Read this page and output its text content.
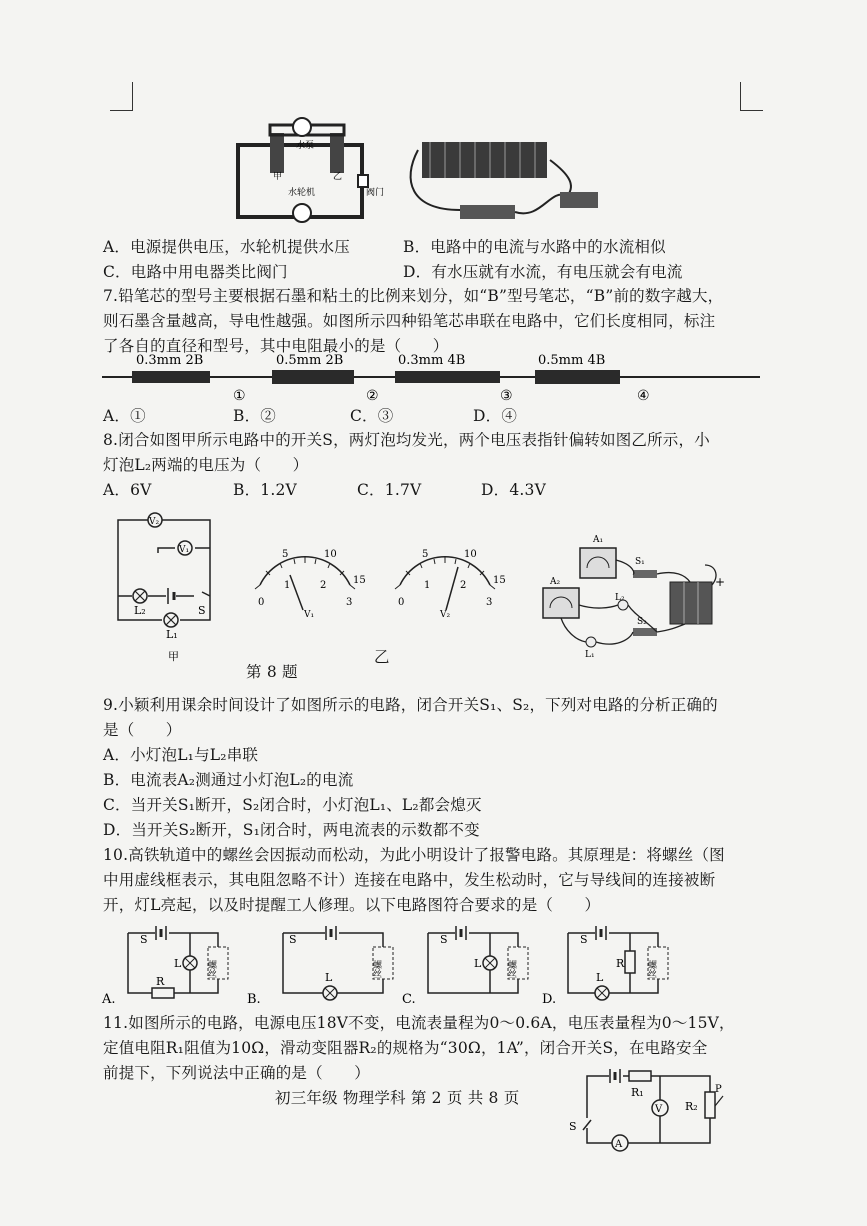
水泵
甲	乙
水轮机	阀门
A．电源提供电压，水轮机提供水压	B．电路中的电流与水路中的水流相似
C．电路中用电器类比阀门	D．有水压就有水流，有电压就会有电流
7.铅笔芯的型号主要根据石墨和粘土的比例来划分，如“B”型号笔芯，“B”前的数字越大，
则石墨含量越高，导电性越强。如图所示四种铅笔芯串联在电路中，它们长度相同，标注
了各自的直径和型号，其中电阻最小的是（　　）
0.3mm 2B	0.5mm 2B	0.3mm 4B	0.5mm 4B
①	②	③	④
A．①	B．②	C．③	D．④
8.闭合如图甲所示电路中的开关S，两灯泡均发光，两个电压表指针偏转如图乙所示，小
灯泡L₂两端的电压为（　　）
A．6V	B．1.2V	C．1.7V	D．4.3V
V₂
V₁
L₂	S
L₁
甲
5	10
0
1	2
3
15
V₁
5	10
0
1	2
3
15
V₂
第 8 题
乙
A₁
A₂
S₁
S₂
L₁
L₂
+
9.小颖利用课余时间设计了如图所示的电路，闭合开关S₁、S₂，下列对电路的分析正确的
是（　　）
A．小灯泡L₁与L₂串联
B．电流表A₂测通过小灯泡L₂的电流
C．当开关S₁断开，S₂闭合时，小灯泡L₁、L₂都会熄灭
D．当开关S₂断开，S₁闭合时，两电流表的示数都不变
10.高铁轨道中的螺丝会因振动而松动，为此小明设计了报警电路。其原理是：将螺丝（图
中用虚线框表示，其电阻忽略不计）连接在电路中，发生松动时，它与导线间的连接被断
开，灯L亮起，以及时提醒工人修理。以下电路图符合要求的是（　　）
A.
S
L
R
螺丝
B.
S
L	螺丝
C.
S
L	螺丝
D.
S
L
R 螺丝
11.如图所示的电路，电源电压18V不变，电流表量程为0～0.6A，电压表量程为0～15V，
定值电阻R₁阻值为10Ω，滑动变阻器R₂的规格为“30Ω，1A”，闭合开关S，在电路安全
前提下，下列说法中正确的是（　　）
初三年级 物理学科 第 2 页 共 8 页	R₁
R₂
P
V
A
S
